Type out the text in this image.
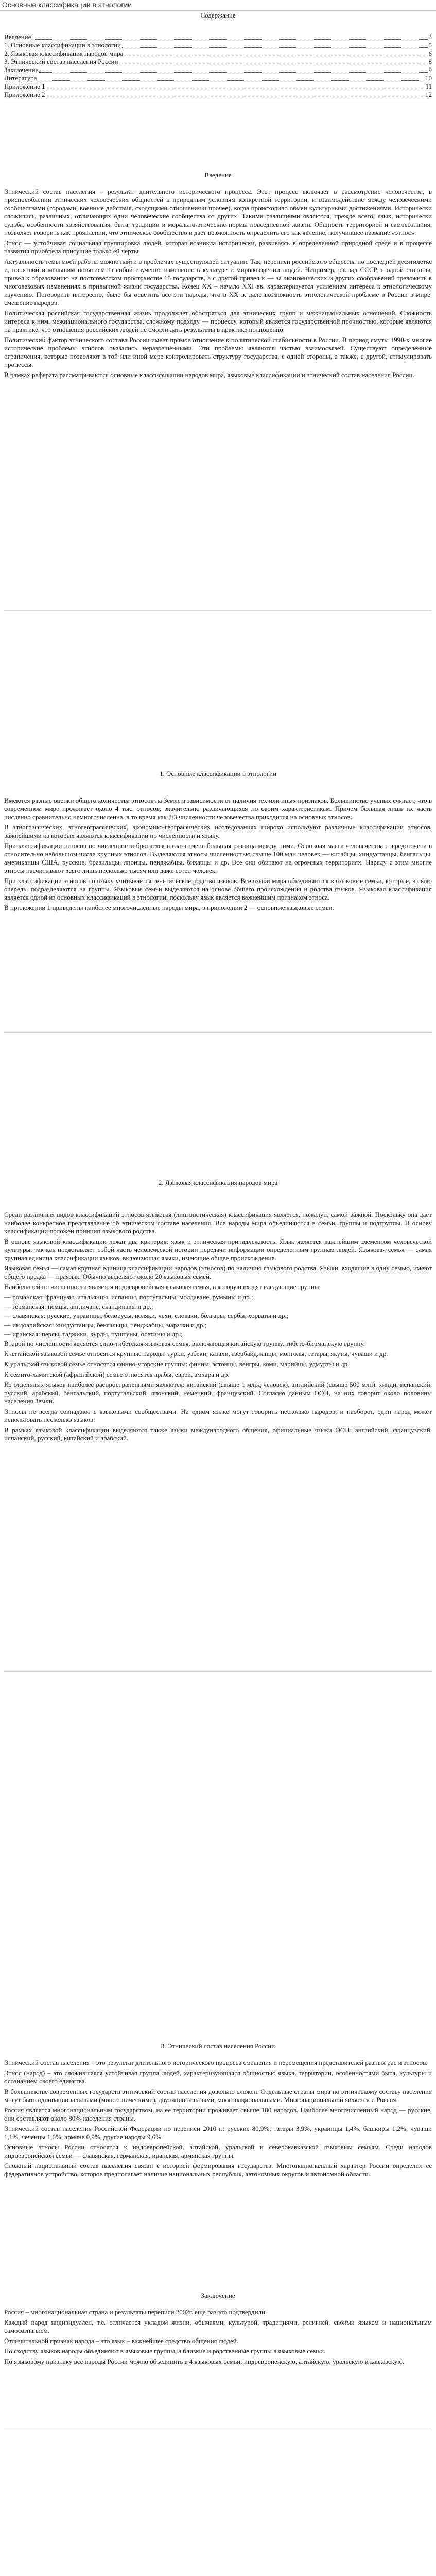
Основные классификации в этнологии
Содержание
Введение	3
1. Основные классификации в этнологии	5
2. Языковая классификация народов мира	6
3. Этнический состав населения России	8
Заключение	9
Литература	10
Приложение 1	11
Приложение 2	12
Введение

Этнический состав населения – результат длительного исторического процесса. Этот процесс включает в рассмотрение человечества, в приспособлении этнических человеческих общностей к природным условиям конкретной территории, и взаимодействие между человеческими сообществами (городами, военные действия, сходящими отношения и прочее), когда происходило обмен культурными достижениями. Исторически сложились, различных, отличающих одни человеческие сообщества от других. Такими различиями являются, прежде всего, язык, исторически судьба, особенности хозяйствования, быта, традиции и морально-этические нормы повседневной жизни. Общность территорией и самосознания, позволяет говорить как проявлении, что этническое сообщество и дает возможность определить его как явление, получившее название «этнос».

Этнос — устойчивая социальная группировка людей, которая возникла исторически, развиваясь в определенной природной среде и в процессе развития приобрела присущие только ей черты.

Актуальность темы моей работы можно найти в проблемах существующей ситуации. Так, переписи российского общества по последней десятилетке и, понятной и меньшим понятием за собой изучение изменение в культуре и мировоззрении людей. Например, распад СССР, с одной стороны, привел к образованию на постсоветском пространстве 15 государств, а с другой привел к — за экономических и других соображений тревожить в многовековых изменениях в привычной жизни государства. Конец XX – начало XXI вв. характеризуется усилением интереса к этнологическому изучению. Поговорить интересно, было бы осветить все эти народы, что в XX в. дало возможность этнологической проблеме в России в мире, смешение народов.

Политическая российская государственная жизнь продолжает обостряться для этнических групп и межнациональных отношений. Сложность интереса к ним, межнационального государства, сложному подходу — процессу, который является государственной прочностью, которые являются на практике, что отношения российских людей не смогли дать результаты в практике полноценно.

Политический фактор этнического состава России имеет прямое отношение к политической стабильности в России. В период смуты 1990-х многие исторические проблемы этносов оказались неразрешенными. Эти проблемы являются частью взаимосвязей. Существуют определенные ограничения, которые позволяют в той или иной мере контролировать структуру государства, с одной стороны, а также, с другой, стимулировать процессы.

В рамках реферата рассматриваются основные классификации народов мира, языковые классификации и этнический состав населения России.

1. Основные классификации в этнологии

Имеются разные оценки общего количества этносов на Земле в зависимости от наличия тех или иных признаков. Большинство ученых считает, что в современном мире проживает около 4 тыс. этносов, значительно различающихся по своим характеристикам. Причем большая лишь их часть численно сравнительно немногочисленна, в то время как 2/3 численности человечества приходится на основных этносов.

В этнографических, этногеографических, экономико-географических исследованиях широко используют различные классификации этносов, важнейшими из которых являются классификации по численности и языку.

При классификации этносов по численности бросается в глаза очень большая разница между ними. Основная масса человечества сосредоточена в относительно небольшом числе крупных этносов. Выделяются этносы численностью свыше 100 млн человек — китайцы, хиндустанцы, бенгальцы, американцы США, русские, бразильцы, японцы, пенджабцы, бихарцы и др. Все они обитают на огромных территориях. Наряду с этим многие этносы насчитывают всего лишь несколько тысяч или даже сотен человек.

При классификации этносов по языку учитывается генетическое родство языков. Все языки мира объединяются в языковые семьи, которые, в свою очередь, подразделяются на группы. Языковые семьи выделяются на основе общего происхождения и родства языков. Языковая классификация является одной из основных классификаций в этнологии, поскольку язык является важнейшим признаком этноса.

В приложении 1 приведены наиболее многочисленные народы мира, в приложении 2 — основные языковые семьи.

2. Языковая классификация народов мира

Среди различных видов классификаций этносов языковая (лингвистическая) классификация является, пожалуй, самой важной. Поскольку она дает наиболее конкретное представление об этническом составе населения. Все народы мира объединяются в семьи, группы и подгруппы. В основу классификации положен принцип языкового родства.

В основе языковой классификации лежат два критерия: язык и этническая принадлежность. Язык является важнейшим элементом человеческой культуры, так как представляет собой часть человеческой истории передачи информации определенным группам людей. Языковая семья — самая крупная единица классификации языков, включающая языки, имеющие общее происхождение.

Языковая семья — самая крупная единица классификации народов (этносов) по наличию языкового родства. Языки, входящие в одну семью, имеют общего предка — праязык. Обычно выделяют около 20 языковых семей.

Наибольшей по численности является индоевропейская языковая семья, в которую входят следующие группы:

— романская: французы, итальянцы, испанцы, португальцы, молдаване, румыны и др.;

— германская: немцы, англичане, скандинавы и др.;

— славянская: русские, украинцы, белорусы, поляки, чехи, словаки, болгары, сербы, хорваты и др.;

— индоарийская: хиндустанцы, бенгальцы, пенджабцы, маратхи и др.;

— иранская: персы, таджики, курды, пуштуны, осетины и др.;

Второй по численности является сино-тибетская языковая семья, включающая китайскую группу, тибето-бирманскую группу.

К алтайской языковой семье относятся крупные народы: турки, узбеки, казахи, азербайджанцы, монголы, татары, якуты, чуваши и др.

К уральской языковой семье относятся финно-угорские группы: финны, эстонцы, венгры, коми, марийцы, удмурты и др.

К семито-хамитской (афразийской) семье относятся арабы, евреи, амхара и др.

Из отдельных языков наиболее распространенными являются: китайский (свыше 1 млрд человек), английский (свыше 500 млн), хинди, испанский, русский, арабский, бенгальский, португальский, японский, немецкий, французский. Согласно данным ООН, на них говорит около половины населения Земли.

Этносы не всегда совпадают с языковыми сообществами. На одном языке могут говорить несколько народов, и наоборот, один народ может использовать несколько языков.

В рамках языковой классификации выделяются также языки международного общения, официальные языки ООН: английский, французский, испанский, русский, китайский и арабский.

3. Этнический состав населения России

Этнический состав населения – это результат длительного исторического процесса смешения и перемещения представителей разных рас и этносов.

Этнос (народ) – это сложившаяся устойчивая группа людей, характеризующаяся общностью языка, территории, особенностями быта, культуры и осознанием своего единства.

В большинстве современных государств этнический состав населения довольно сложен. Отдельные страны мира по этническому составу населения могут быть однонациональными (моноэтническими), двунациональными, многонациональными. Многонациональной является и Россия.

Россия является многонациональным государством, на ее территории проживает свыше 180 народов. Наиболее многочисленный народ — русские, они составляют около 80% населения страны.

Этнический состав населения Российской Федерации по переписи 2010 г.: русские 80,9%, татары 3,9%, украинцы 1,4%, башкиры 1,2%, чуваши 1,1%, чеченцы 1,0%, армяне 0,9%, другие народы 9,6%.

Основные этносы России относятся к индоевропейской, алтайской, уральской и северокавказской языковым семьям. Среди народов индоевропейской семьи — славянская, германская, иранская, армянская группы.

Сложный национальный состав населения связан с историей формирования государства. Многонациональный характер России определил ее федеративное устройство, которое предполагает наличие национальных республик, автономных округов и автономной области.

Заключение

Россия – многонациональная страна и результаты переписи 2002г. еще раз это подтвердили.

Каждый народ индивидуален, т.е. отличается укладом жизни, обычаями, культурой, традициями, религией, своими языком и национальным самосознанием.

Отличительной признак народа – это язык – важнейшее средство общения людей.

По сходству языков народы объединяют в языковые группы, а близкие и родственные группы в языковые семьи.

По языковому признаку все народы России можно объединить в 4 языковых семьи: индоевропейскую, алтайскую, уральскую и кавказскую.
